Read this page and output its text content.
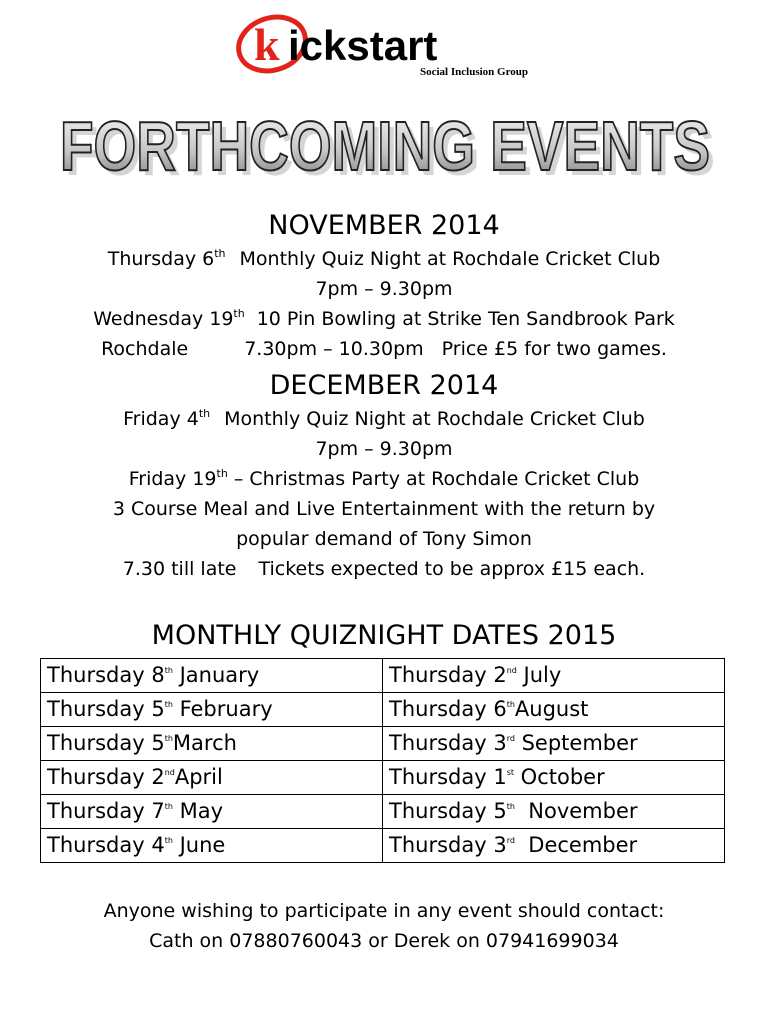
k ickstart
Social Inclusion Group
FORTHCOMING EVENTS
FORTHCOMING EVENTS
NOVEMBER 2014
Thursday 6th Monthly Quiz Night at Rochdale Cricket Club
7pm – 9.30pm
Wednesday 19th 10 Pin Bowling at Strike Ten Sandbrook Park
Rochdale	7.30pm – 10.30pm Price £5 for two games.
DECEMBER 2014
Friday 4th Monthly Quiz Night at Rochdale Cricket Club
7pm – 9.30pm
Friday 19th – Christmas Party at Rochdale Cricket Club
3 Course Meal and Live Entertainment with the return by
popular demand of Tony Simon
7.30 till late Tickets expected to be approx £15 each.
MONTHLY QUIZNIGHT DATES 2015
Thursday 8th January	Thursday 2nd July
Thursday 5th February	Thursday 6thAugust
Thursday 5thMarch	Thursday 3rd September
Thursday 2ndApril	Thursday 1st October
Thursday 7th May	Thursday 5th  November
Thursday 4th June	Thursday 3rd  December
Anyone wishing to participate in any event should contact:
Cath on 07880760043 or Derek on 07941699034
